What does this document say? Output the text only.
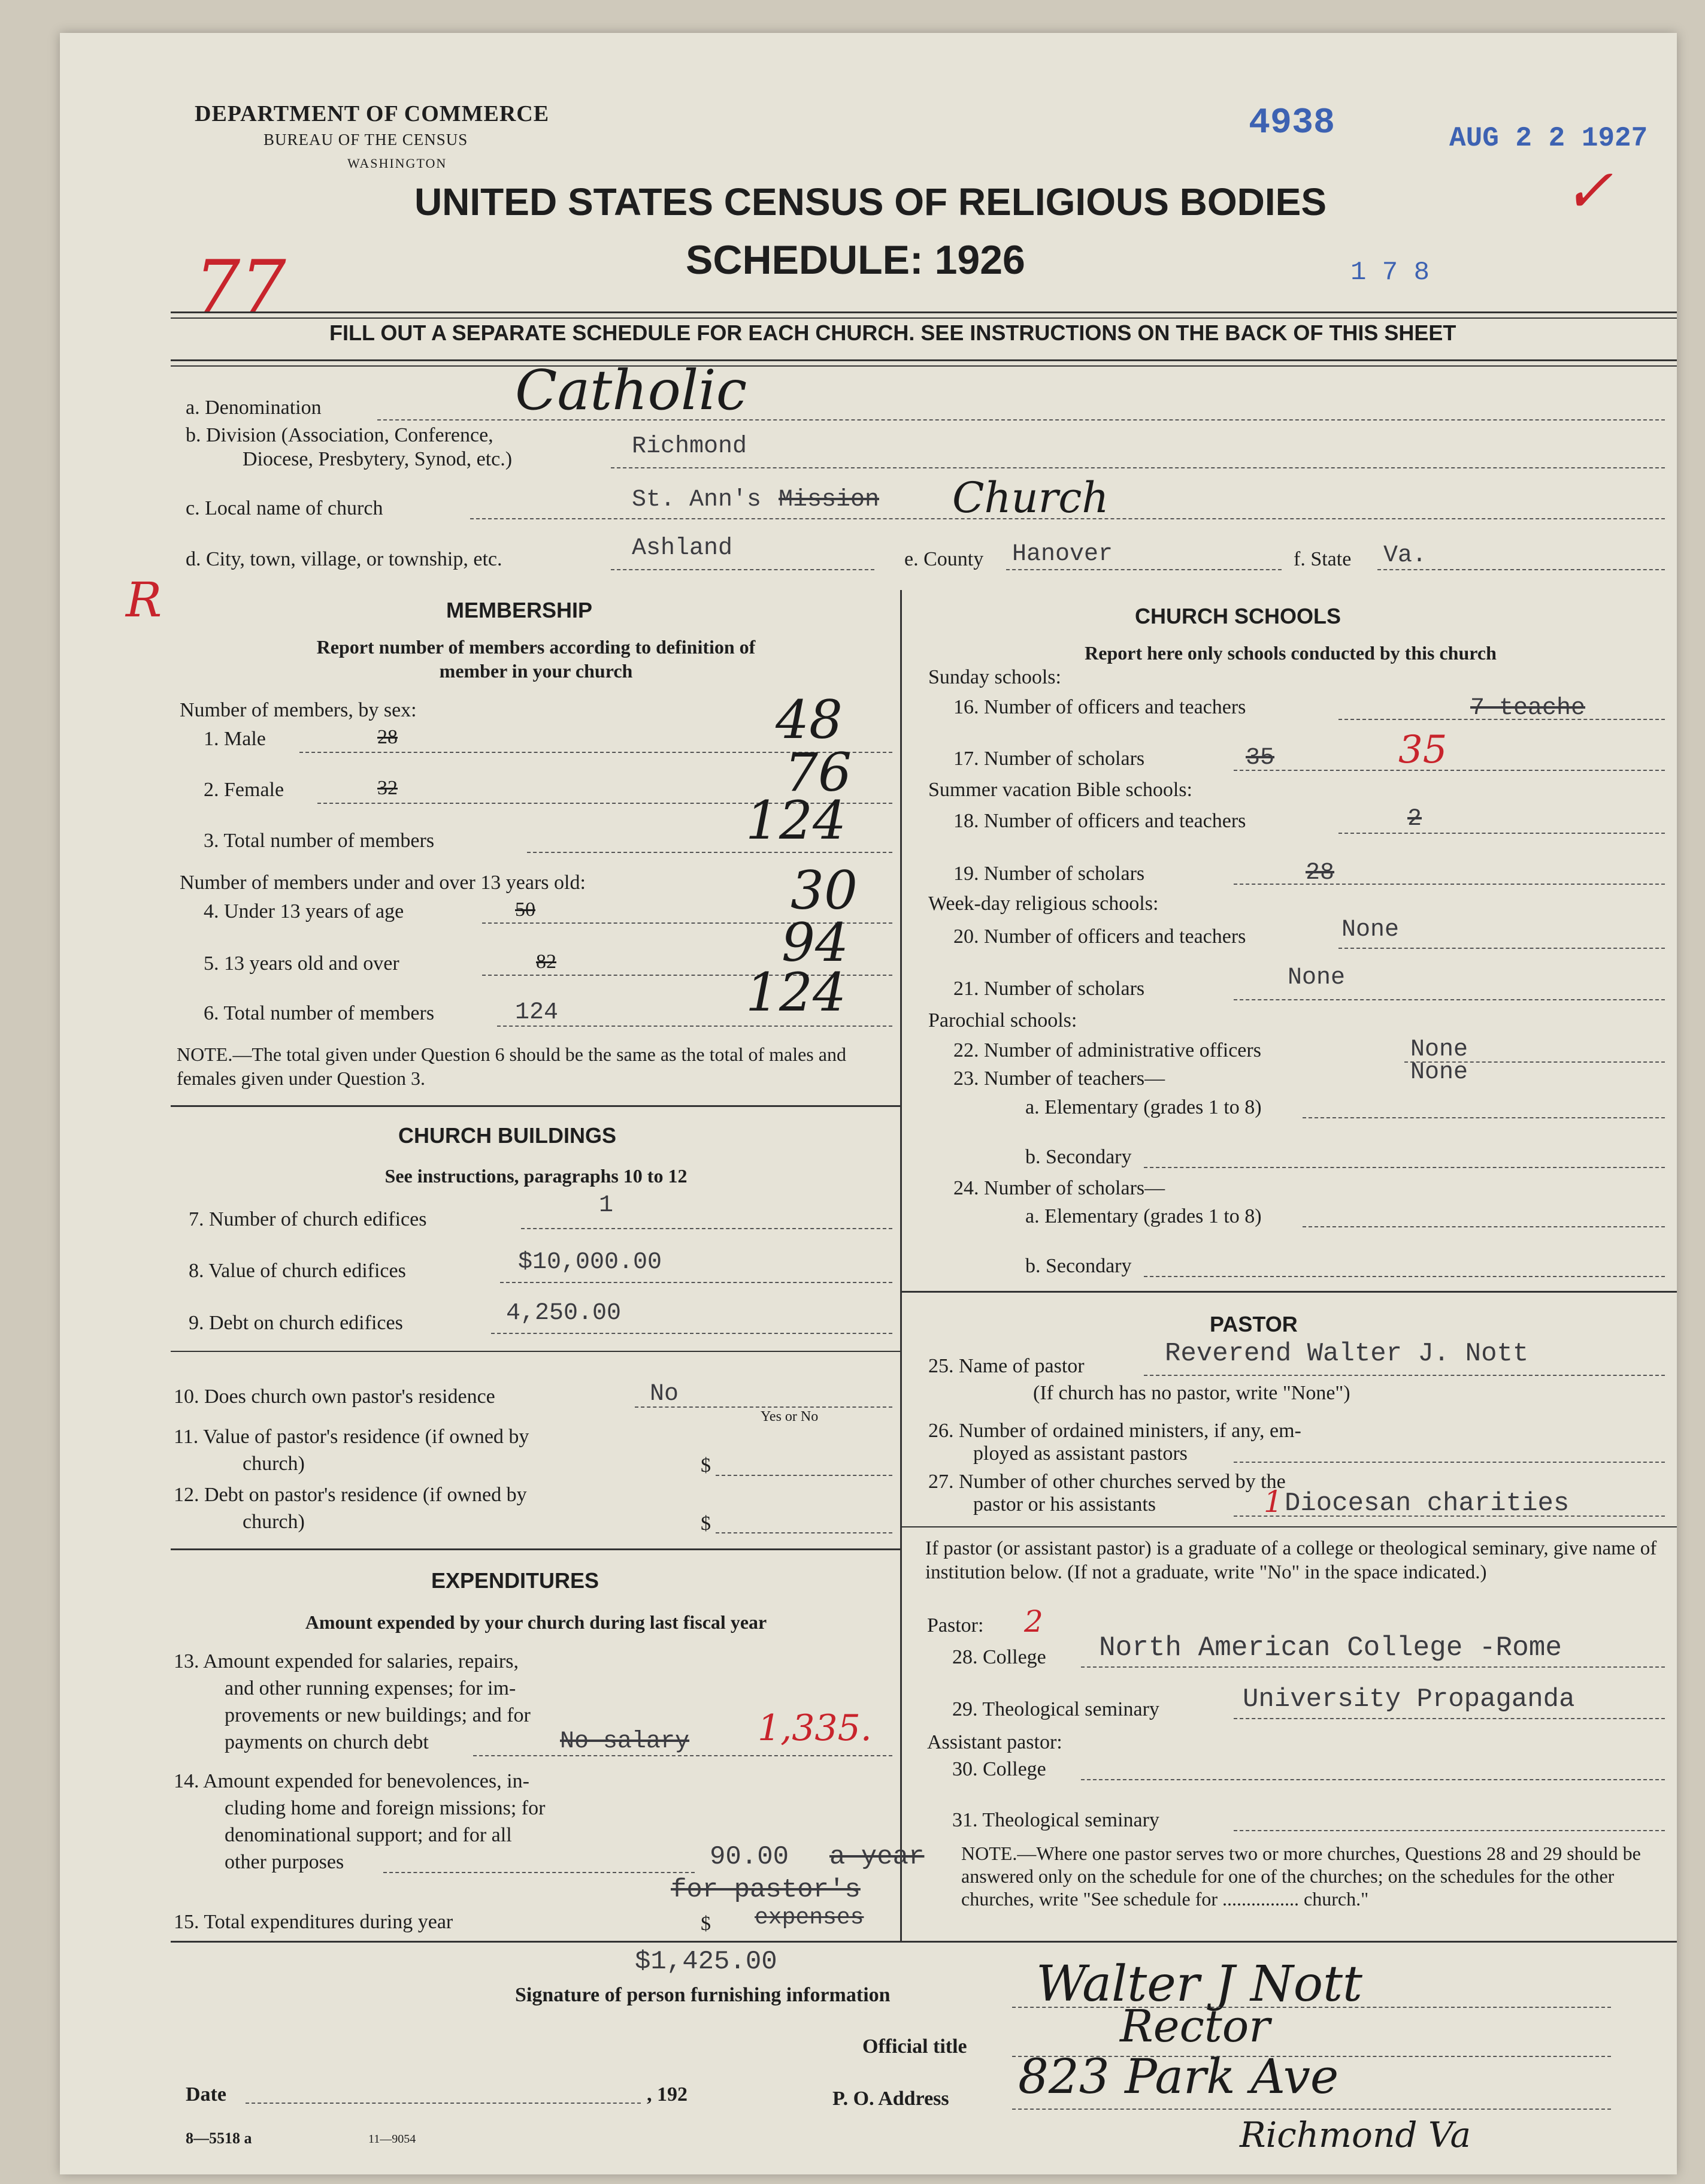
DEPARTMENT OF COMMERCE
BUREAU OF THE CENSUS
WASHINGTON
UNITED STATES CENSUS OF RELIGIOUS BODIES
SCHEDULE: 1926
4938	AUG 2 2 1927
1 7 8
✓
77
R
FILL OUT A SEPARATE SCHEDULE FOR EACH CHURCH. SEE INSTRUCTIONS ON THE BACK OF THIS SHEET
Catholic
a. Denomination
b. Division (Association, Conference,
Diocese, Presbytery, Synod, etc.)	Richmond
c. Local name of church	St. Ann's Mission Church
d. City, town, village, or township, etc.	Ashland	e. County Hanover	f. State Va.
MEMBERSHIP
Report number of members according to definition of
member in your church
Number of members, by sex:
1. Male	28	48
2. Female	32	76
3. Total number of members	124
Number of members under and over 13 years old:
4. Under 13 years of age	50	30
5. 13 years old and over	82	94
6. Total number of members	124	124
NOTE.—The total given under Question 6 should be the same as the total of males and females given under Question 3.
CHURCH BUILDINGS
See instructions, paragraphs 10 to 12
7. Number of church edifices
1
8. Value of church edifices	$10,000.00
9. Debt on church edifices	4,250.00
10. Does church own pastor's residence	No
Yes or No
11. Value of pastor's residence (if owned by
church)	$
12. Debt on pastor's residence (if owned by
church)	$
EXPENDITURES
Amount expended by your church during last fiscal year
13. Amount expended for salaries, repairs,
and other running expenses; for im-
provements or new buildings; and for
payments on church debt	No salary 1,335.
14. Amount expended for benevolences, in-
cluding home and foreign missions; for
denominational support; and for all
other purposes	90.00 a year
for pastor's
expenses
15. Total expenditures during year	$
$1,425.00
CHURCH SCHOOLS
Report here only schools conducted by this church
Sunday schools:
16. Number of officers and teachers	7 teache
17. Number of scholars	35	35
Summer vacation Bible schools:
18. Number of officers and teachers	2
19. Number of scholars	28
Week-day religious schools:
20. Number of officers and teachers	None
21. Number of scholars	None
Parochial schools:
22. Number of administrative officers	None
23. Number of teachers—	None
a. Elementary (grades 1 to 8)
b. Secondary
24. Number of scholars—
a. Elementary (grades 1 to 8)
b. Secondary
PASTOR
25. Name of pastor	Reverend Walter J. Nott
(If church has no pastor, write "None")
26. Number of ordained ministers, if any, em-
ployed as assistant pastors
27. Number of other churches served by the
pastor or his assistants	1 Diocesan charities
If pastor (or assistant pastor) is a graduate of a college or theological seminary, give name of institution below. (If not a graduate, write "No" in the space indicated.)
Pastor: 2
28. College North American College -Rome
29. Theological seminary	University Propaganda
Assistant pastor:
30. College
31. Theological seminary
NOTE.—Where one pastor serves two or more churches, Questions 28 and 29 should be answered only on the schedule for one of the churches; on the schedules for the other churches, write "See schedule for ................ church."
Signature of person furnishing information	Walter J Nott
Official title	Rector
Date	, 192	P. O. Address 823 Park Ave
Richmond Va
8—5518 a	11—9054
